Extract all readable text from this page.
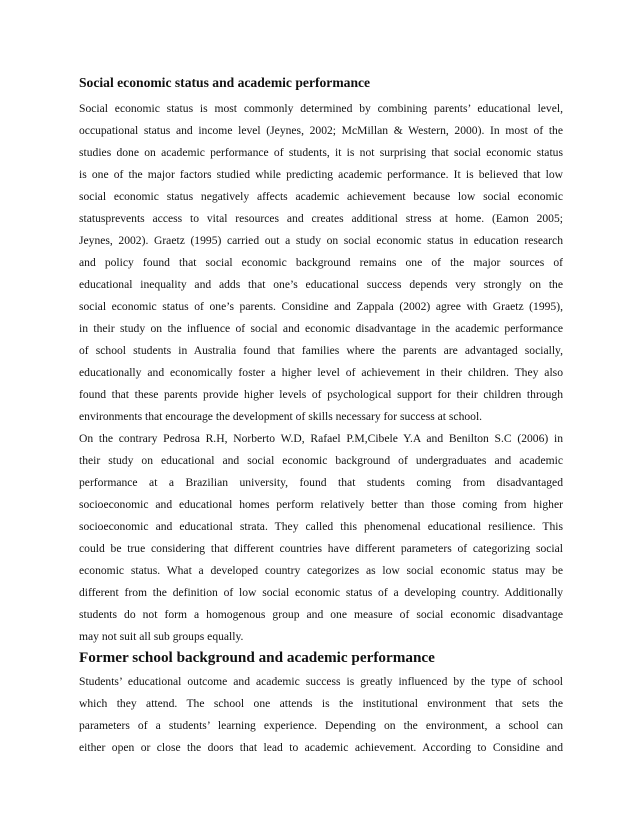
Social economic status and academic performance
Social economic status is most commonly determined by combining parents’ educational level,
occupational status and income level (Jeynes, 2002; McMillan & Western, 2000). In most of the
studies done on academic performance of students, it is not surprising that social economic status
is one of the major factors studied while predicting academic performance. It is believed that low
social economic status negatively affects academic achievement because low social economic
statusprevents access to vital resources and creates additional stress at home. (Eamon 2005;
Jeynes, 2002). Graetz (1995) carried out a study on social economic status in education research
and policy found that social economic background remains one of the major sources of
educational inequality and adds that one’s educational success depends very strongly on the
social economic status of one’s parents. Considine and Zappala (2002) agree with Graetz (1995),
in their study on the influence of social and economic disadvantage in the academic performance
of school students in Australia found that families where the parents are advantaged socially,
educationally and economically foster a higher level of achievement in their children. They also
found that these parents provide higher levels of psychological support for their children through
environments that encourage the development of skills necessary for success at school.
On the contrary Pedrosa R.H, Norberto W.D, Rafael P.M,Cibele Y.A and Benilton S.C (2006) in
their study on educational and social economic background of undergraduates and academic
performance at a Brazilian university, found that students coming from disadvantaged
socioeconomic and educational homes perform relatively better than those coming from higher
socioeconomic and educational strata. They called this phenomenal educational resilience. This
could be true considering that different countries have different parameters of categorizing social
economic status. What a developed country categorizes as low social economic status may be
different from the definition of low social economic status of a developing country. Additionally
students do not form a homogenous group and one measure of social economic disadvantage
may not suit all sub groups equally.
Former school background and academic performance
Students’ educational outcome and academic success is greatly influenced by the type of school
which they attend. The school one attends is the institutional environment that sets the
parameters of a students’ learning experience. Depending on the environment, a school can
either open or close the doors that lead to academic achievement. According to Considine and
